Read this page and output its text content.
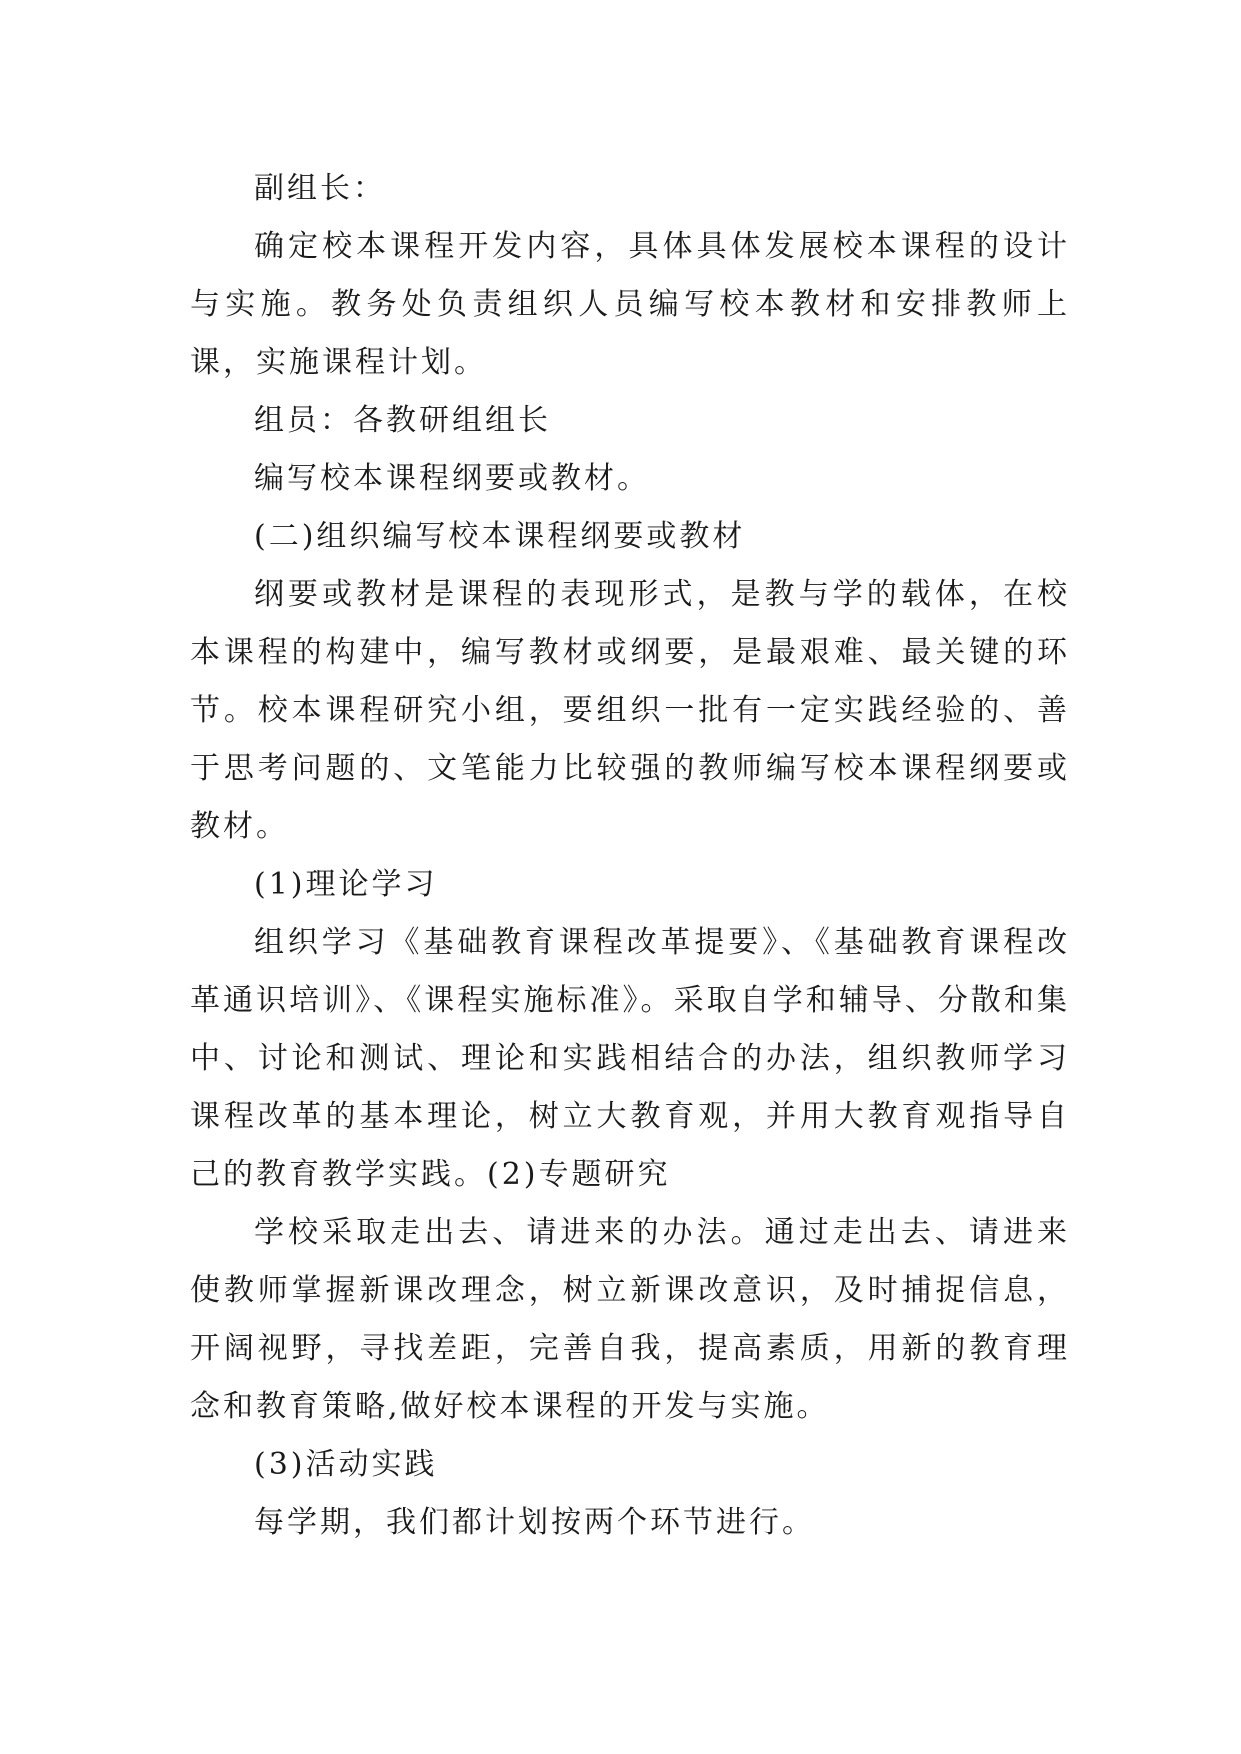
副组长：

确定校本课程开发内容，具体具体发展校本课程的设计与实施。教务处负责组织人员编写校本教材和安排教师上课，实施课程计划。

组员：各教研组组长

编写校本课程纲要或教材。

(二)组织编写校本课程纲要或教材

纲要或教材是课程的表现形式，是教与学的载体，在校本课程的构建中，编写教材或纲要，是最艰难、最关键的环节。校本课程研究小组，要组织一批有一定实践经验的、善于思考问题的、文笔能力比较强的教师编写校本课程纲要或教材。

(1)理论学习

组织学习《基础教育课程改革提要》、《基础教育课程改革通识培训》、《课程实施标准》。采取自学和辅导、分散和集中、讨论和测试、理论和实践相结合的办法，组织教师学习课程改革的基本理论，树立大教育观，并用大教育观指导自己的教育教学实践。(2)专题研究

学校采取走出去、请进来的办法。通过走出去、请进来使教师掌握新课改理念，树立新课改意识，及时捕捉信息，开阔视野，寻找差距，完善自我，提高素质，用新的教育理念和教育策略,做好校本课程的开发与实施。

(3)活动实践

每学期，我们都计划按两个环节进行。
